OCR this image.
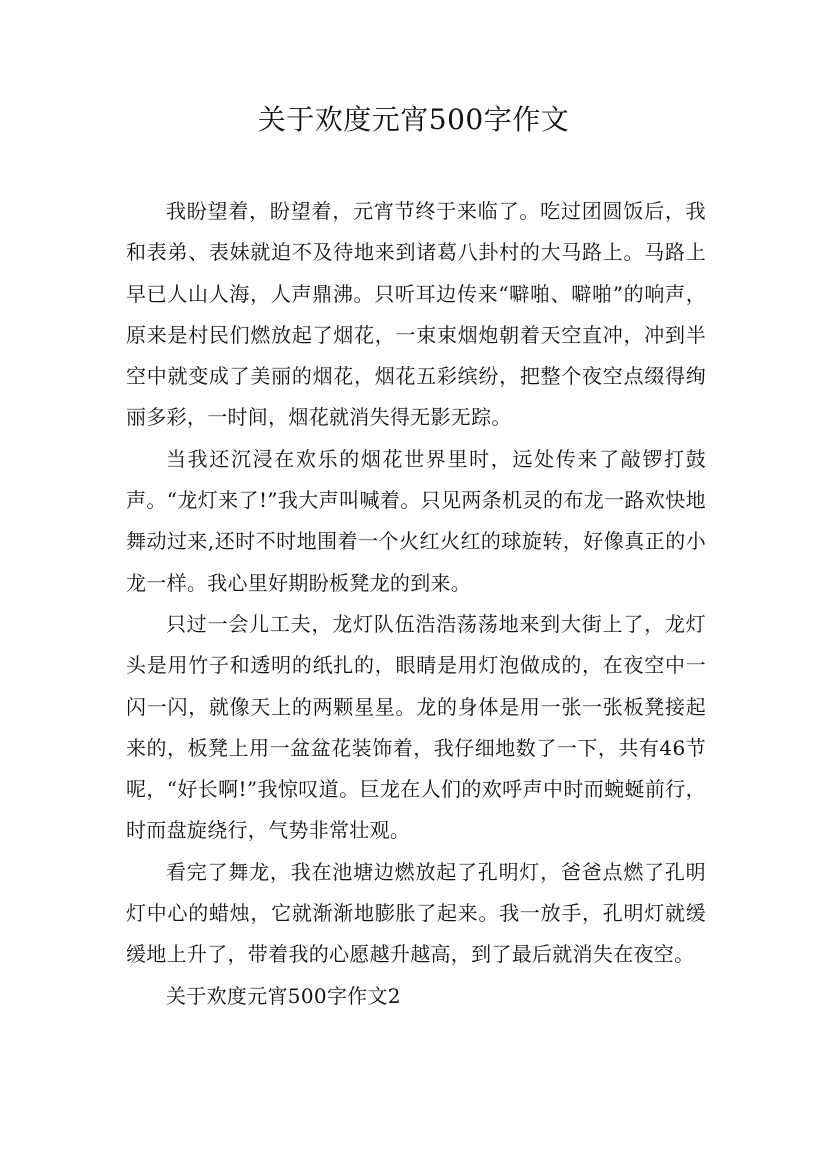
关于欢度元宵500字作文

我盼望着，盼望着，元宵节终于来临了。吃过团圆饭后，我和表弟、表妹就迫不及待地来到诸葛八卦村的大马路上。马路上早已人山人海，人声鼎沸。只听耳边传来“噼啪、噼啪”的响声，原来是村民们燃放起了烟花，一束束烟炮朝着天空直冲，冲到半空中就变成了美丽的烟花，烟花五彩缤纷，把整个夜空点缀得绚丽多彩，一时间，烟花就消失得无影无踪。

当我还沉浸在欢乐的烟花世界里时，远处传来了敲锣打鼓声。“龙灯来了!”我大声叫喊着。只见两条机灵的布龙一路欢快地舞动过来,还时不时地围着一个火红火红的球旋转，好像真正的小龙一样。我心里好期盼板凳龙的到来。

只过一会儿工夫，龙灯队伍浩浩荡荡地来到大街上了，龙灯头是用竹子和透明的纸扎的，眼睛是用灯泡做成的，在夜空中一闪一闪，就像天上的两颗星星。龙的身体是用一张一张板凳接起来的，板凳上用一盆盆花装饰着，我仔细地数了一下，共有46节呢，“好长啊!”我惊叹道。巨龙在人们的欢呼声中时而蜿蜒前行，时而盘旋绕行，气势非常壮观。

看完了舞龙，我在池塘边燃放起了孔明灯，爸爸点燃了孔明灯中心的蜡烛，它就渐渐地膨胀了起来。我一放手，孔明灯就缓缓地上升了，带着我的心愿越升越高，到了最后就消失在夜空。

关于欢度元宵500字作文2
